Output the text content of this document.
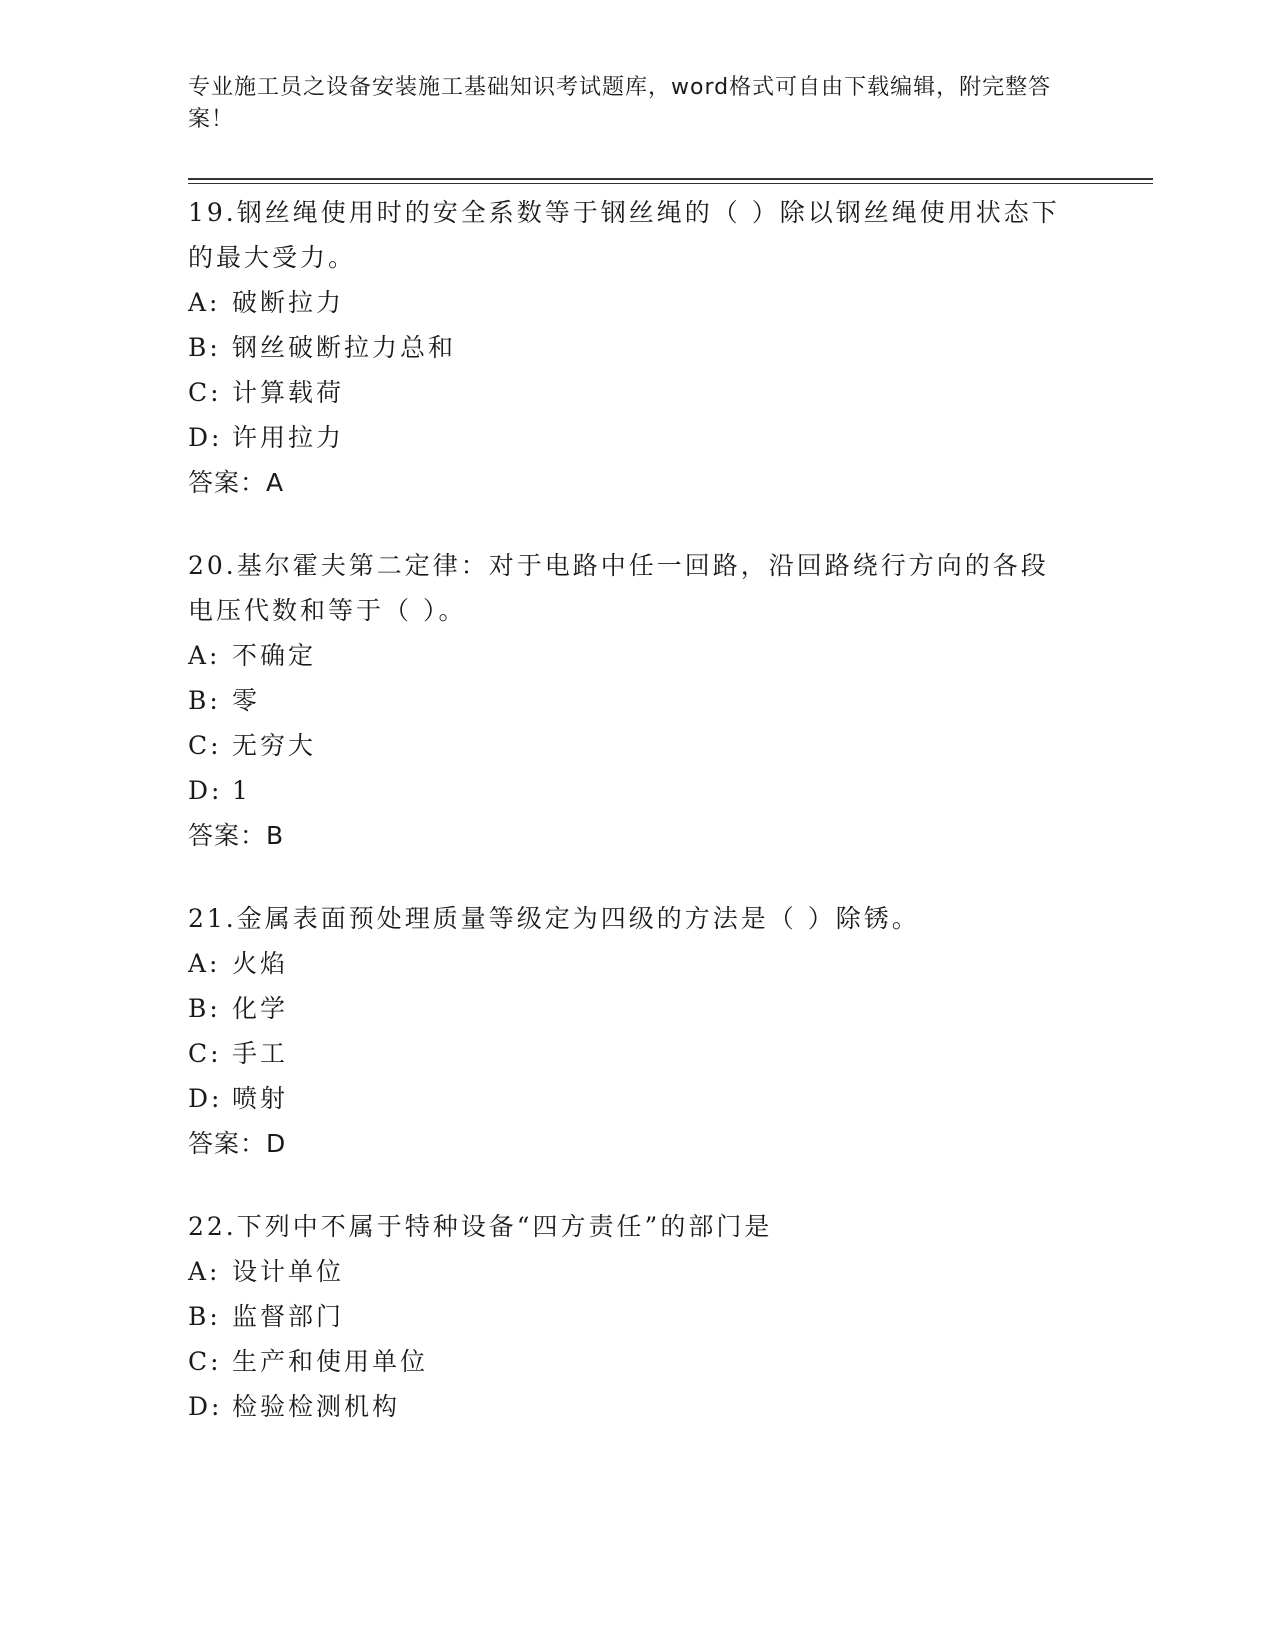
专业施工员之设备安装施工基础知识考试题库，word格式可自由下载编辑，附完整答案！

19.钢丝绳使用时的安全系数等于钢丝绳的（ ）除以钢丝绳使用状态下的最大受力。

A: 破断拉力
B: 钢丝破断拉力总和
C: 计算载荷
D: 许用拉力

答案：A

20.基尔霍夫第二定律：对于电路中任一回路，沿回路绕行方向的各段电压代数和等于（ ）。

A: 不确定
B: 零
C: 无穷大
D: 1

答案：B

21.金属表面预处理质量等级定为四级的方法是（ ）除锈。

A: 火焰
B: 化学
C: 手工
D: 喷射

答案：D

22.下列中不属于特种设备“四方责任”的部门是

A: 设计单位
B: 监督部门
C: 生产和使用单位
D: 检验检测机构
